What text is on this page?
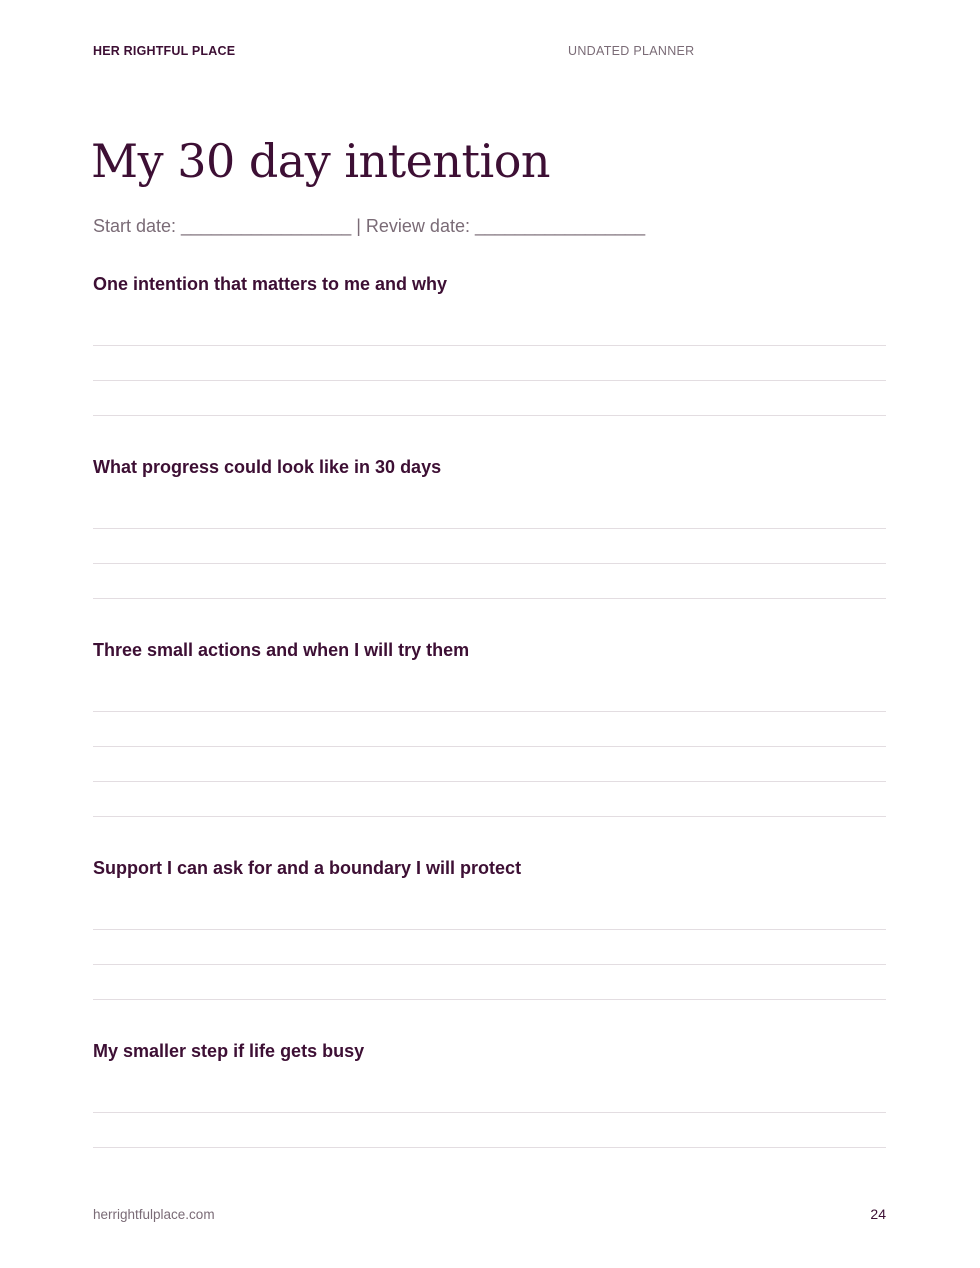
HER RIGHTFUL PLACE	UNDATED PLANNER
My 30 day intention
Start date: _________________ | Review date: _________________
One intention that matters to me and why
What progress could look like in 30 days
Three small actions and when I will try them
Support I can ask for and a boundary I will protect
My smaller step if life gets busy
herrightfulplace.com	24
